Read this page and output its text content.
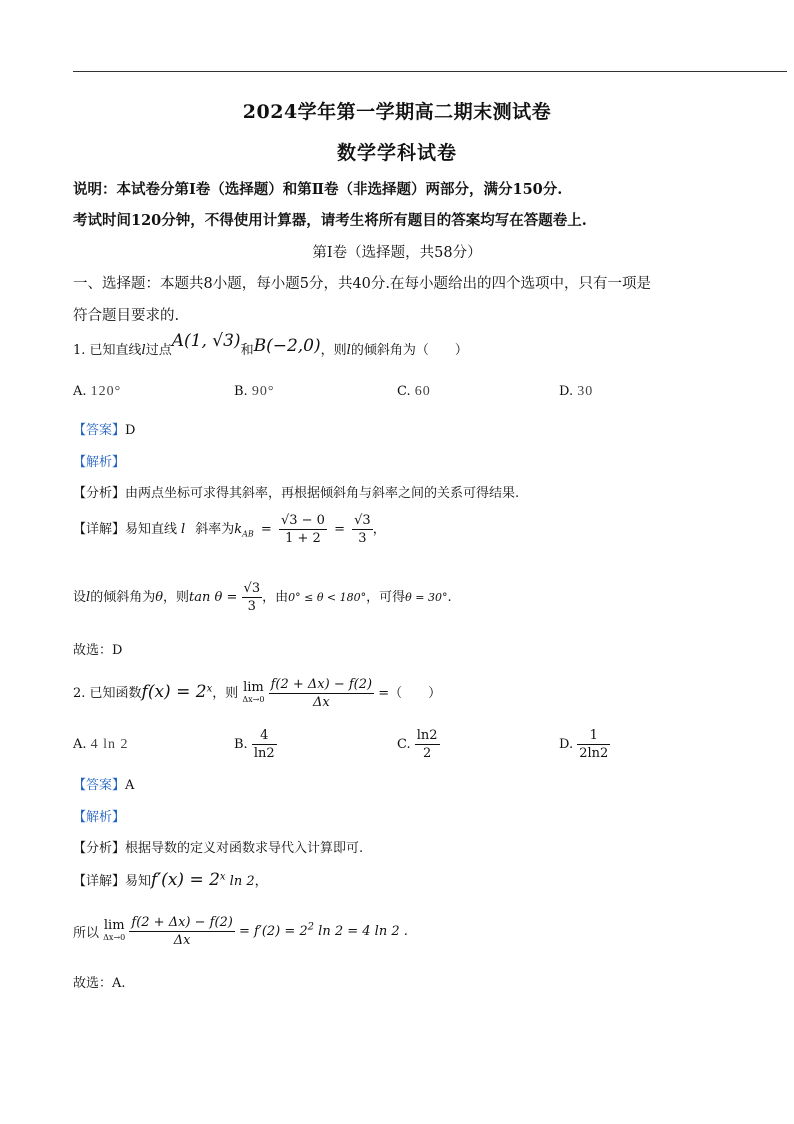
2024学年第一学期高二期末测试卷
数学学科试卷
说明：本试卷分第Ⅰ卷（选择题）和第Ⅱ卷（非选择题）两部分，满分150分.
考试时间120分钟，不得使用计算器，请考生将所有题目的答案均写在答题卷上.
第Ⅰ卷（选择题，共58分）
一、选择题：本题共8小题，每小题5分，共40分.在每小题给出的四个选项中，只有一项是
符合题目要求的.
1. 已知直线l过点A(1, √3)和B(−2,0)，则l的倾斜角为（　　）
A. 120°	B. 90°	C. 60	D. 30
【答案】D
【解析】
【分析】由两点坐标可求得其斜率，再根据倾斜角与斜率之间的关系可得结果.
【详解】易知直线 l 斜率为$k_{AB} = \frac{√3 - 0}{1 + 2} = \frac{√3}{3}$ ，
设l的倾斜角为θ，则$\tan \theta = \frac{√3}{3}$ ，由0° ≤ θ < 180°，可得θ = 30°.
故选：D
2. 已知函数$f(x) = 2^x$，则 lim
Δx→0
$\frac{f(2 + \Delta x) - f(2)}{\Delta x}$ =（　　）
A. 4 ln 2	B. $\frac{4}{\ln 2}$	C. $\frac{\ln 2}{2}$	D. $\frac{1}{2\ln 2}$
【答案】A
【解析】
【分析】根据导数的定义对函数求导代入计算即可.
【详解】易知$f'(x) = 2^x$ ln 2，
所以
lim
Δx→0
$\frac{f(2 + \Delta x) - f(2)}{\Delta x} = f'(2) = 2^2$ ln 2 = 4 ln 2 .
故选：A.
